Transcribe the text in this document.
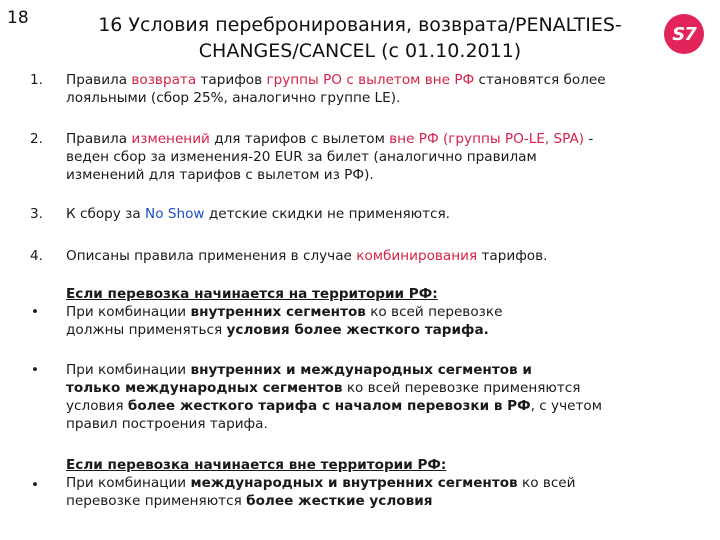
18	16 Условия перебронирования, возврата/PENALTIES-
CHANGES/CANCEL (с 01.10.2011)
S7
1. Правила возврата тарифов группы РО с вылетом вне РФ становятся более
лояльными (сбор 25%, аналогично группе LE).
2. Правила изменений для тарифов с вылетом вне РФ (группы РО-LE, SPA) -
веден сбор за изменения-20 EUR за билет (аналогично правилам
изменений для тарифов с вылетом из РФ).
3. К сбору за No Show детские скидки не применяются.
4. Описаны правила применения в случае комбинирования тарифов.
•
Если перевозка начинается на территории РФ:
При комбинации внутренних сегментов ко всей перевозке
должны применяться условия более жесткого тарифа.
• При комбинации внутренних и международных сегментов и
только международных сегментов ко всей перевозке применяются
условия более жесткого тарифа с началом перевозки в РФ, с учетом
правил построения тарифа.
•
Если перевозка начинается вне территории РФ:
При комбинации международных и внутренних сегментов ко всей
перевозке применяются более жесткие условия
